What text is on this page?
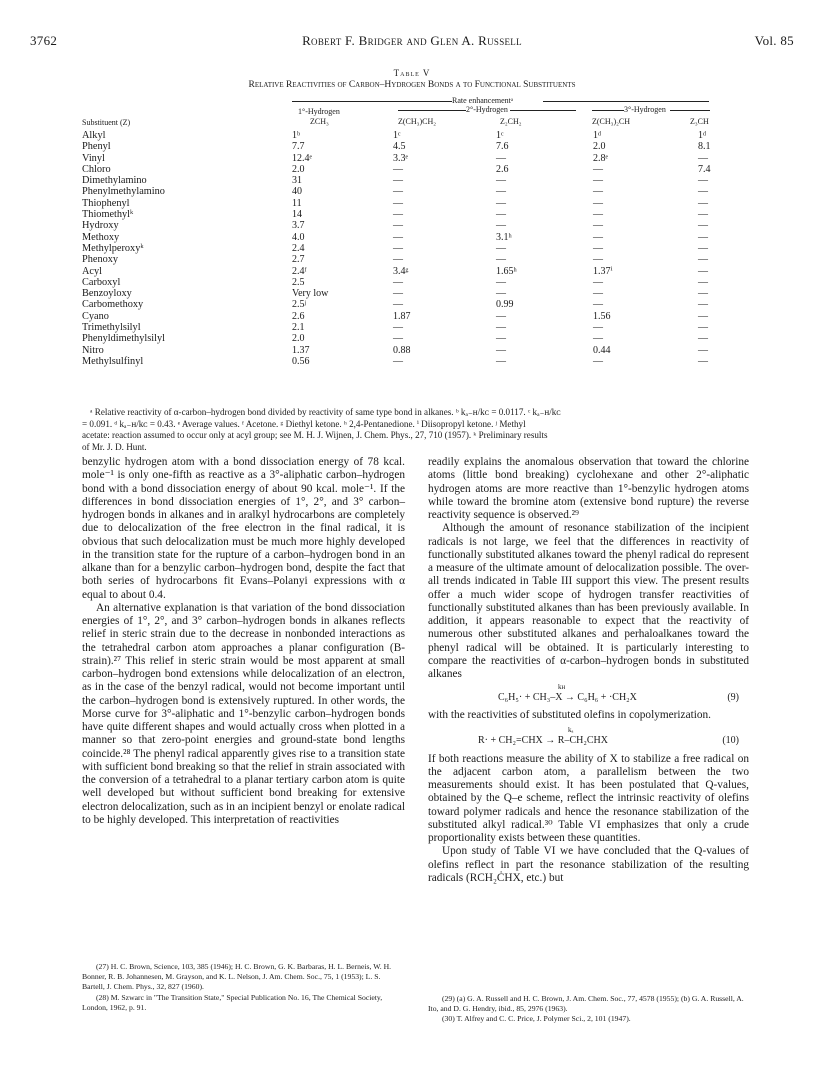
3762	Robert F. Bridger and Glen A. Russell	Vol. 85
Table V
Relative Reactivities of Carbon–Hydrogen Bonds α to Functional Substituents
Rate enhancementᵃ
1°-Hydrogen	2°-Hydrogen	3°-Hydrogen
Substituent (Z)	ZCH₃	Z(CH₃)CH₂	Z₂CH₂	Z(CH₃)₂CH	Z₃CH
Alkyl	1ᵇ	1ᶜ	1ᶜ	1ᵈ	1ᵈ
Phenyl	7.7	4.5	7.6	2.0	8.1
Vinyl	12.4ᵉ	3.3ᵉ	—	2.8ᵉ	—
Chloro	2.0	—	2.6	—	7.4
Dimethylamino	31	—	—	—	—
Phenylmethylamino	40	—	—	—	—
Thiophenyl	11	—	—	—	—
Thiomethylᵏ	14	—	—	—	—
Hydroxy	3.7	—	—	—	—
Methoxy	4.0	—	3.1ʰ	—	—
Methylperoxyᵏ	2.4	—	—	—	—
Phenoxy	2.7	—	—	—	—
Acyl	2.4ᶠ	3.4ᵍ	1.65ʰ	1.37ⁱ	—
Carboxyl	2.5	—	—	—	—
Benzoyloxy	Very low	—	—	—	—
Carbomethoxy	2.5ʲ	—	0.99	—	—
Cyano	2.6	1.87	—	1.56	—
Trimethylsilyl	2.1	—	—	—	—
Phenyldimethylsilyl	2.0	—	—	—	—
Nitro	1.37	0.88	—	0.44	—
Methylsulfinyl	0.56	—	—	—	—
ᵃ Relative reactivity of α-carbon–hydrogen bond divided by reactivity of same type bond in alkanes. ᵇ kₐ₋ʜ/kᴄ = 0.0117. ᶜ kₐ₋ʜ/kᴄ
= 0.091. ᵈ kₐ₋ʜ/kᴄ = 0.43. ᵉ Average values. ᶠ Acetone. ᵍ Diethyl ketone. ʰ 2,4-Pentanedione. ⁱ Diisopropyl ketone. ʲ Methyl
acetate: reaction assumed to occur only at acyl group; see M. H. J. Wijnen, J. Chem. Phys., 27, 710 (1957). ᵏ Preliminary results
of Mr. J. D. Hunt.

benzylic hydrogen atom with a bond dissociation energy of 78 kcal. mole⁻¹ is only one-fifth as reactive as a 3°-aliphatic carbon–hydrogen bond with a bond dissociation energy of about 90 kcal. mole⁻¹. If the differences in bond dissociation energies of 1°, 2°, and 3° carbon–hydrogen bonds in alkanes and in aralkyl hydrocarbons are completely due to delocalization of the free electron in the final radical, it is obvious that such delocalization must be much more highly developed in the transition state for the rupture of a carbon–hydrogen bond in an alkane than for a benzylic carbon–hydrogen bond, despite the fact that both series of hydrocarbons fit Evans–Polanyi expressions with α equal to about 0.4.

An alternative explanation is that variation of the bond dissociation energies of 1°, 2°, and 3° carbon–hydrogen bonds in alkanes reflects relief in steric strain due to the decrease in nonbonded interactions as the tetrahedral carbon atom approaches a planar configuration (B-strain).²⁷ This relief in steric strain would be most apparent at small carbon–hydrogen bond extensions while delocalization of an electron, as in the case of the benzyl radical, would not become important until the carbon–hydrogen bond is extensively ruptured. In other words, the Morse curve for 3°-aliphatic and 1°-benzylic carbon–hydrogen bonds have quite different shapes and would actually cross when plotted in a manner so that zero-point energies and ground-state bond lengths coincide.²⁸ The phenyl radical apparently gives rise to a transition state with sufficient bond breaking so that the relief in strain associated with the conversion of a tetrahedral to a planar tertiary carbon atom is quite well developed but without sufficient bond breaking for extensive electron delocalization, such as in an incipient benzyl or enolate radical to be highly developed. This interpretation of reactivities

(27) H. C. Brown, Science, 103, 385 (1946); H. C. Brown, G. K. Barbaras, H. L. Berneis, W. H. Bonner, R. B. Johannesen, M. Grayson, and K. L. Nelson, J. Am. Chem. Soc., 75, 1 (1953); L. S. Bartell, J. Chem. Phys., 32, 827 (1960).

(28) M. Szwarc in "The Transition State," Special Publication No. 16, The Chemical Society, London, 1962, p. 91.

readily explains the anomalous observation that toward the chlorine atoms (little bond breaking) cyclohexane and other 2°-aliphatic hydrogen atoms are more reactive than 1°-benzylic hydrogen atoms while toward the bromine atom (extensive bond rupture) the reverse reactivity sequence is observed.²⁹

Although the amount of resonance stabilization of the incipient radicals is not large, we feel that the differences in reactivity of functionally substituted alkanes toward the phenyl radical do represent a measure of the ultimate amount of delocalization possible. The over-all trends indicated in Table III support this view. The present results offer a much wider scope of hydrogen transfer reactivities of functionally substituted alkanes than has been previously available. In addition, it appears reasonable to expect that the reactivity of numerous other substituted alkanes and perhaloalkanes toward the phenyl radical will be obtained. It is particularly interesting to compare the reactivities of α-carbon–hydrogen bonds in substituted alkanes

kʜ
C₆H₅· + CH₃–X → C₆H₆ + ·CH₂X	(9)

with the reactivities of substituted olefins in copolymerization.

kₐ
R· + CH₂=CHX → R–CH₂CHX	(10)

If both reactions measure the ability of X to stabilize a free radical on the adjacent carbon atom, a parallelism between the two measurements should exist. It has been postulated that Q-values, obtained by the Q–e scheme, reflect the intrinsic reactivity of olefins toward polymer radicals and hence the resonance stabilization of the substituted alkyl radical.³⁰ Table VI emphasizes that only a crude proportionality exists between these quantities.

Upon study of Table VI we have concluded that the Q-values of olefins reflect in part the resonance stabilization of the resulting radicals (RCH₂ĊHX, etc.) but

(29) (a) G. A. Russell and H. C. Brown, J. Am. Chem. Soc., 77, 4578 (1955); (b) G. A. Russell, A. Ito, and D. G. Hendry, ibid., 85, 2976 (1963).

(30) T. Alfrey and C. C. Price, J. Polymer Sci., 2, 101 (1947).
